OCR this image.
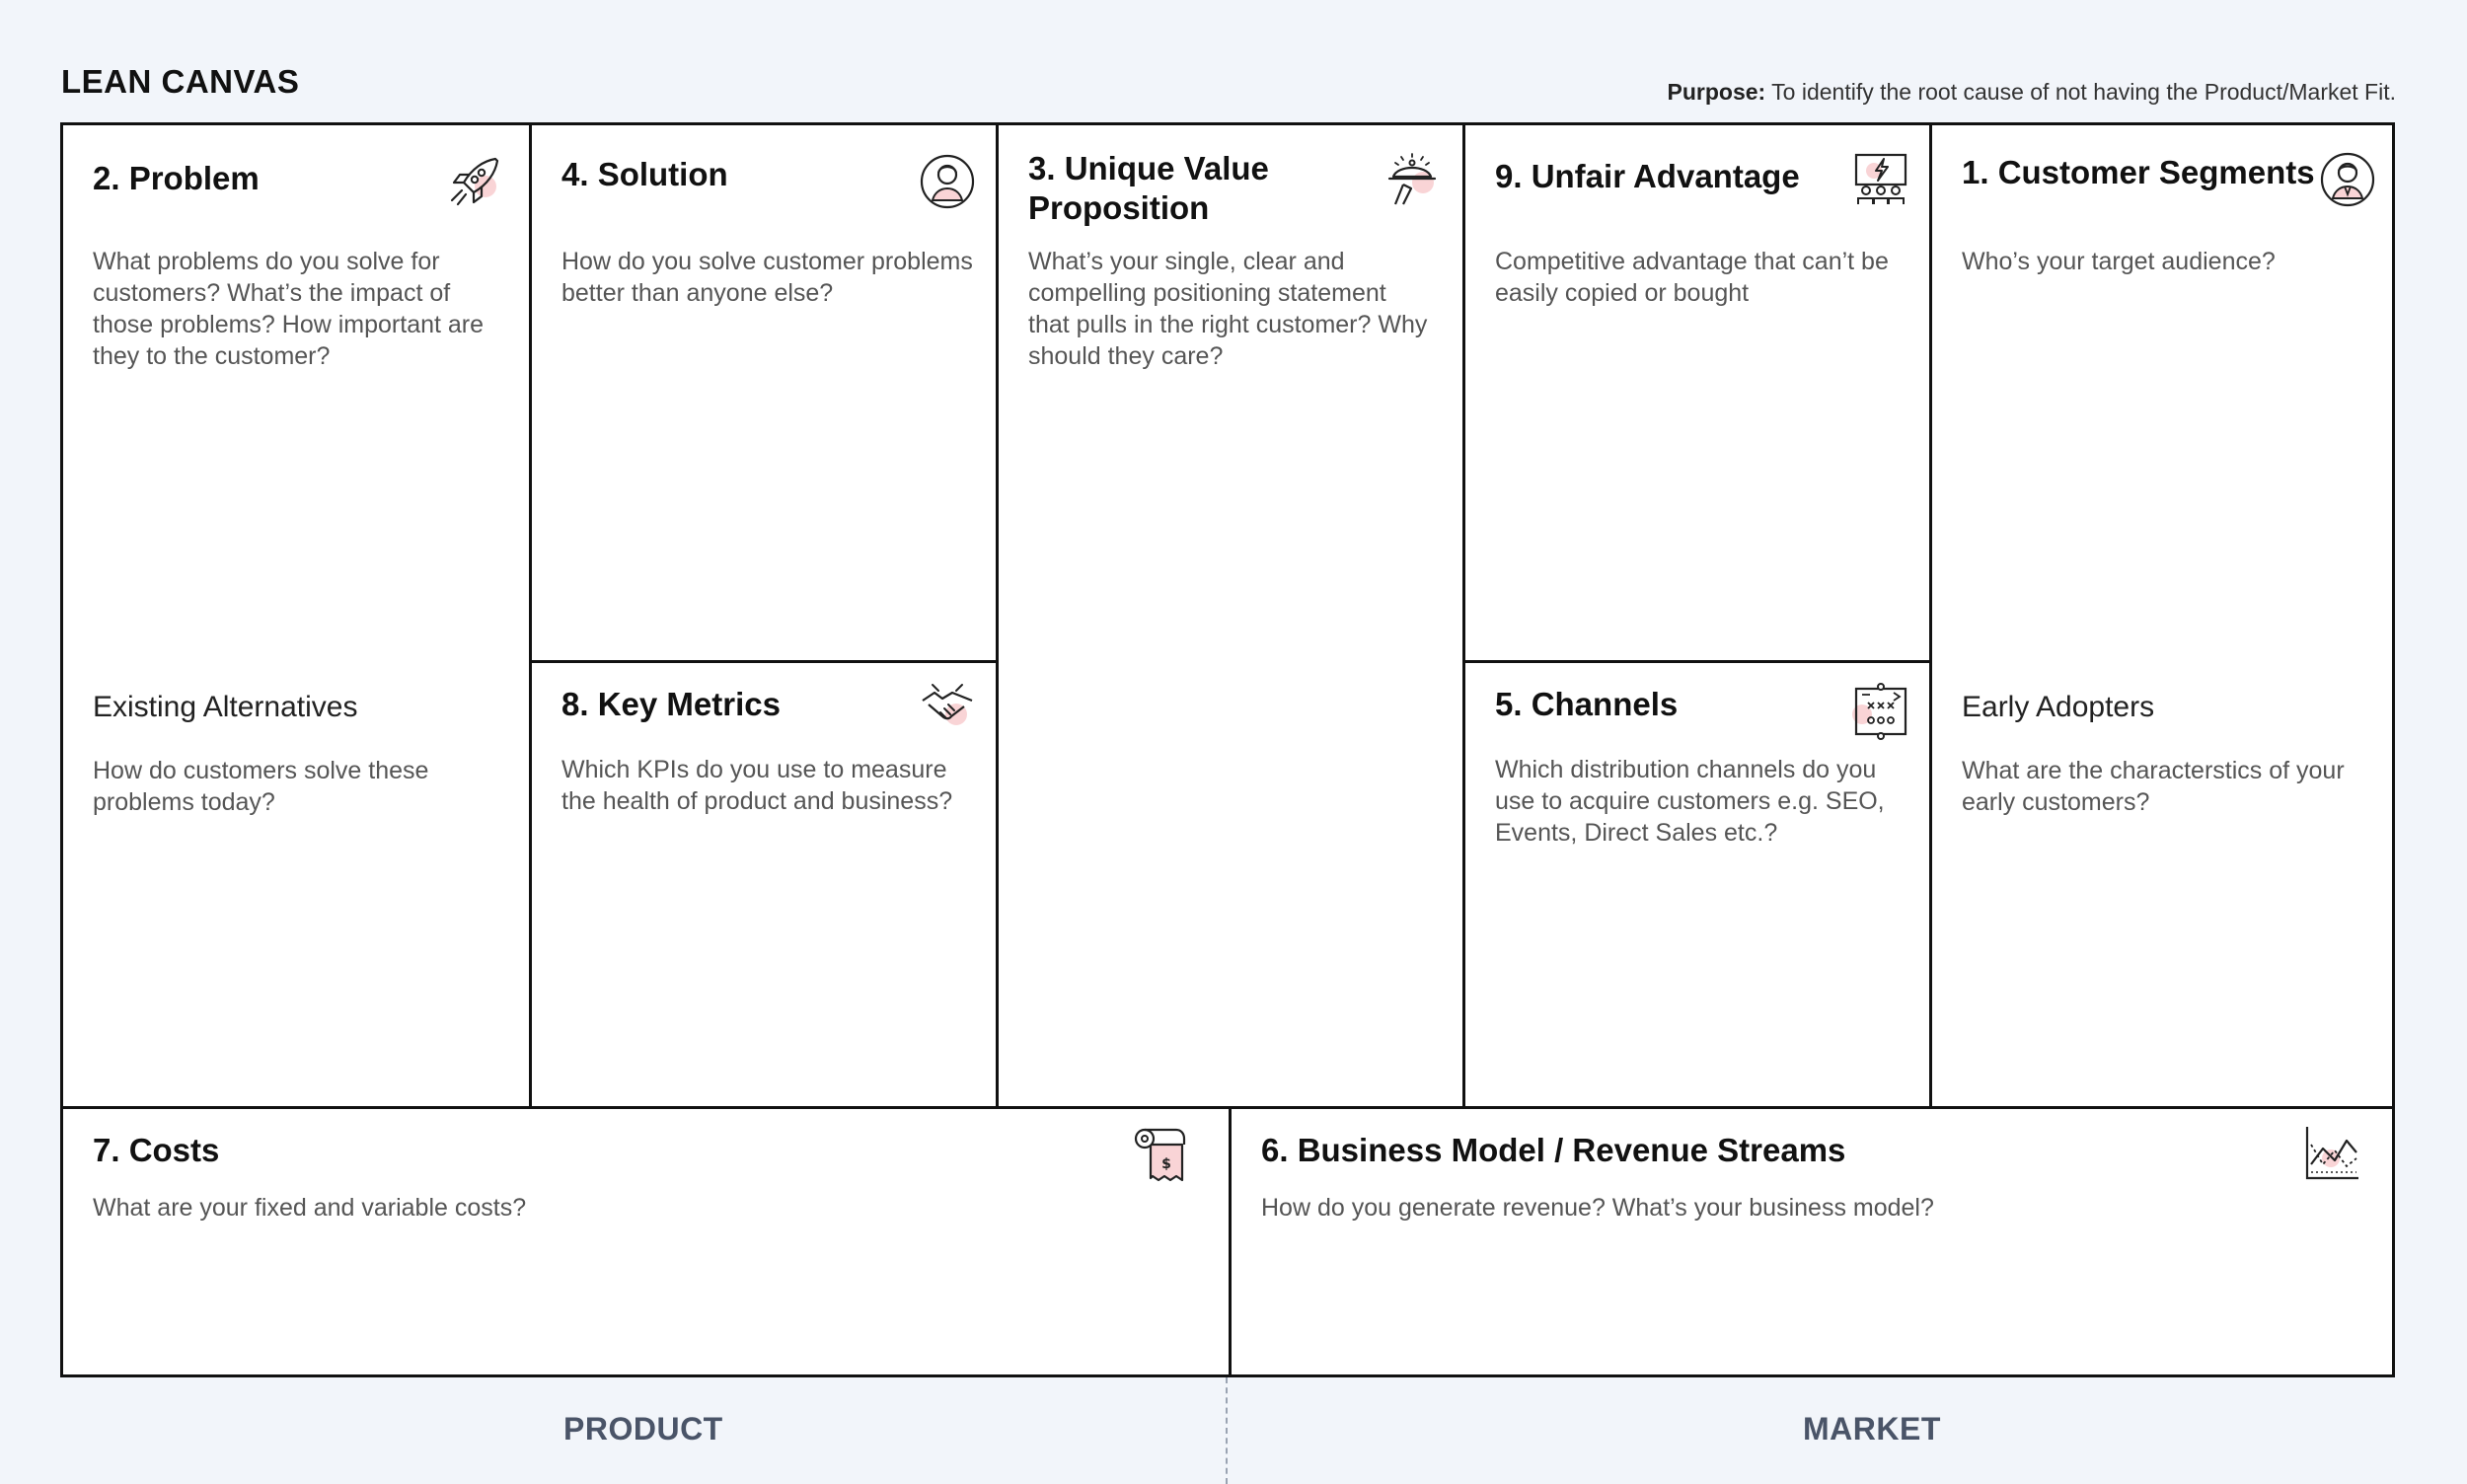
LEAN CANVAS	Purpose: To identify the root cause of not having the Product/Market Fit.
2. Problem
What problems do you solve for customers? What’s the impact of those problems? How important are they to the customer?
Existing Alternatives
How do customers solve these problems today?
4. Solution
How do you solve customer problems better than anyone else?
8. Key Metrics
Which KPIs do you use to measure the health of product and business?
3. Unique Value Proposition
What’s your single, clear and compelling positioning statement that pulls in the right customer? Why should they care?
9. Unfair Advantage
Competitive advantage that can’t be easily copied or bought
5. Channels
Which distribution channels do you use to acquire customers e.g. SEO, Events, Direct Sales etc.?
1. Customer Segments
Who’s your target audience?
Early Adopters
What are the characterstics of your early customers?
7. Costs	$
What are your fixed and variable costs?
6. Business Model / Revenue Streams
How do you generate revenue? What’s your business model?
PRODUCT	MARKET
